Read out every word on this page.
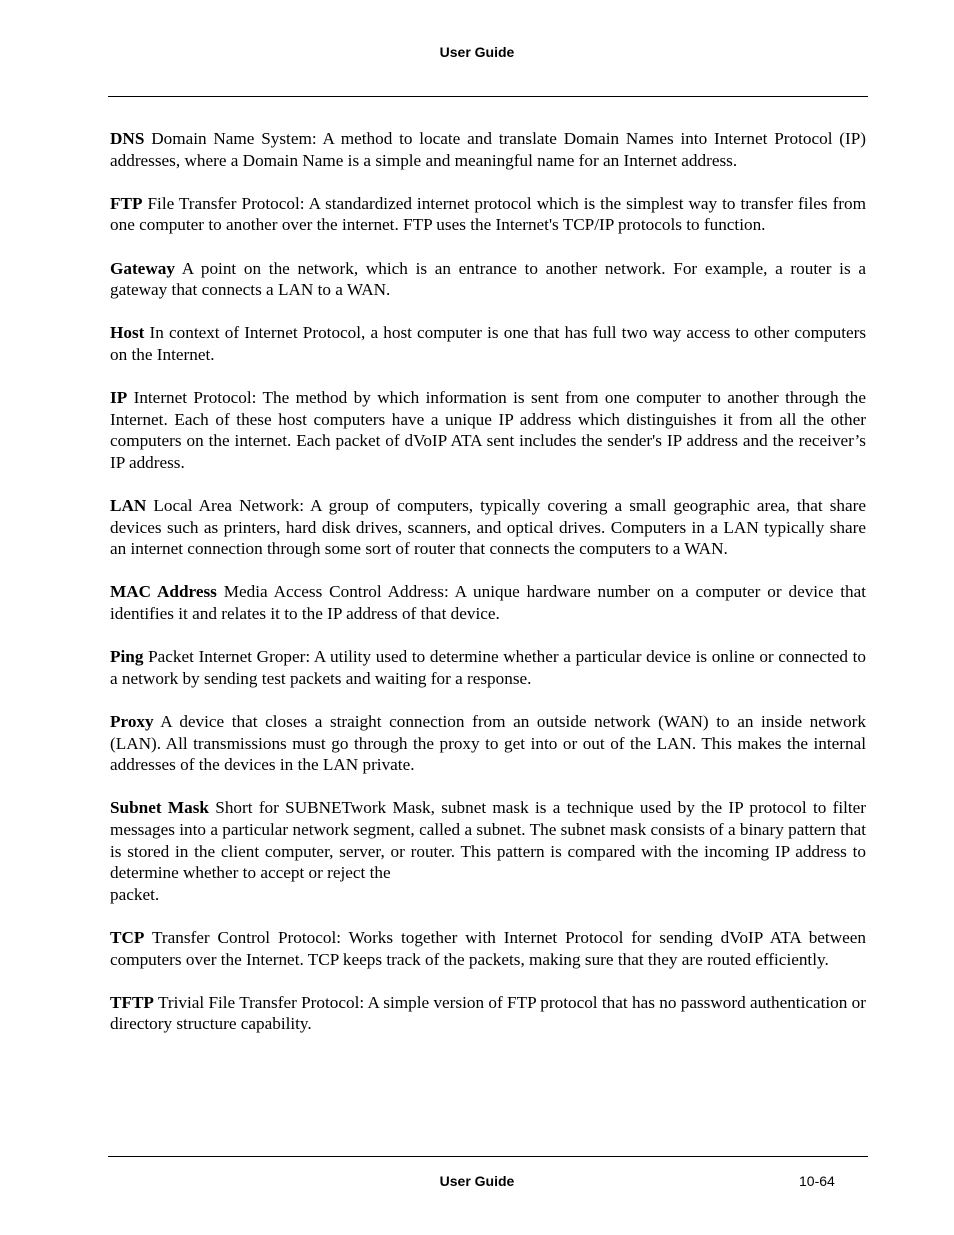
User Guide

DNS Domain Name System: A method to locate and translate Domain Names into Internet Protocol (IP) addresses, where a Domain Name is a simple and meaningful name for an Internet address.

FTP File Transfer Protocol: A standardized internet protocol which is the simplest way to transfer files from one computer to another over the internet. FTP uses the Internet's TCP/IP protocols to function.

Gateway A point on the network, which is an entrance to another network. For example, a router is a gateway that connects a LAN to a WAN.

Host In context of Internet Protocol, a host computer is one that has full two way access to other computers on the Internet.

IP Internet Protocol: The method by which information is sent from one computer to another through the Internet. Each of these host computers have a unique IP address which distinguishes it from all the other computers on the internet. Each packet of dVoIP ATA sent includes the sender's IP address and the receiver’s IP address.

LAN Local Area Network: A group of computers, typically covering a small geographic area, that share devices such as printers, hard disk drives, scanners, and optical drives. Computers in a LAN typically share an internet connection through some sort of router that connects the computers to a WAN.

MAC Address Media Access Control Address: A unique hardware number on a computer or device that identifies it and relates it to the IP address of that device.

Ping Packet Internet Groper: A utility used to determine whether a particular device is online or connected to a network by sending test packets and waiting for a response.

Proxy A device that closes a straight connection from an outside network (WAN) to an inside network (LAN). All transmissions must go through the proxy to get into or out of the LAN. This makes the internal addresses of the devices in the LAN private.

Subnet Mask Short for SUBNETwork Mask, subnet mask is a technique used by the IP protocol to filter messages into a particular network segment, called a subnet. The subnet mask consists of a binary pattern that is stored in the client computer, server, or router. This pattern is compared with the incoming IP address to determine whether to accept or reject the
packet.

TCP Transfer Control Protocol: Works together with Internet Protocol for sending dVoIP ATA between computers over the Internet. TCP keeps track of the packets, making sure that they are routed efficiently.

TFTP Trivial File Transfer Protocol: A simple version of FTP protocol that has no password authentication or directory structure capability.

User Guide	10-64
